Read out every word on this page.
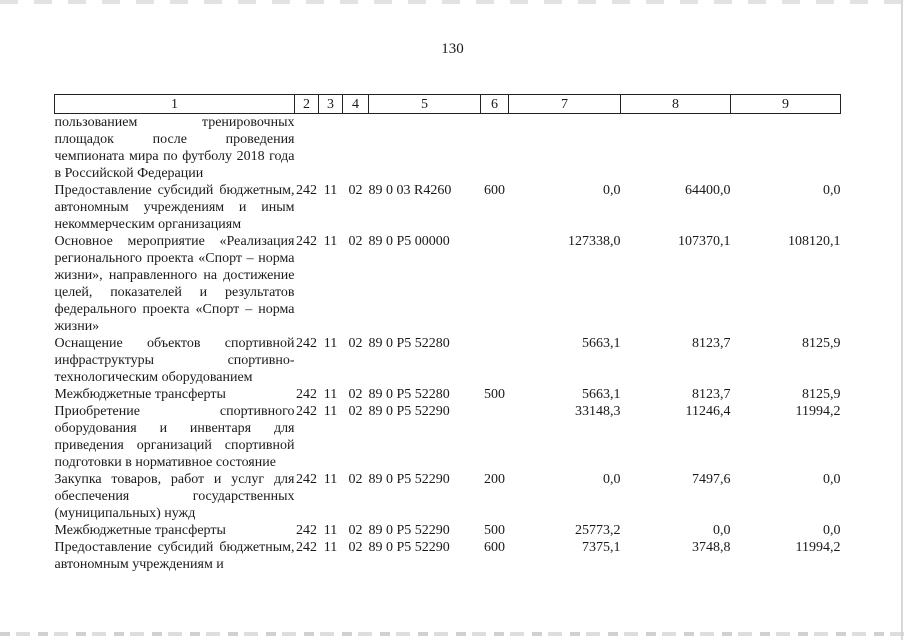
130
1	2	3	4	5	6	7	8	9
пользованием тренировочных площадок после проведения чемпионата мира по футболу 2018 года в Российской Федерации								
Предоставление субсидий бюджетным, автономным учреждениям и иным некоммерческим организациям	242	11	02	89 0 03 R4260	600	0,0	64400,0	0,0
Основное мероприятие «Реализация регионального проекта «Спорт – норма жизни», направленного на достижение целей, показателей и результатов федерального проекта «Спорт – норма жизни»	242	11	02	89 0 P5 00000		127338,0	107370,1	108120,1
Оснащение объектов спортивной инфраструктуры спортивно-технологическим оборудованием	242	11	02	89 0 P5 52280		5663,1	8123,7	8125,9
Межбюджетные трансферты	242	11	02	89 0 P5 52280	500	5663,1	8123,7	8125,9
Приобретение спортивного оборудования и инвентаря для приведения организаций спортивной подготовки в нормативное состояние	242	11	02	89 0 P5 52290		33148,3	11246,4	11994,2
Закупка товаров, работ и услуг для обеспечения государственных (муниципальных) нужд	242	11	02	89 0 P5 52290	200	0,0	7497,6	0,0
Межбюджетные трансферты	242	11	02	89 0 P5 52290	500	25773,2	0,0	0,0
Предоставление субсидий бюджетным, автономным учреждениям и	242	11	02	89 0 P5 52290	600	7375,1	3748,8	11994,2
